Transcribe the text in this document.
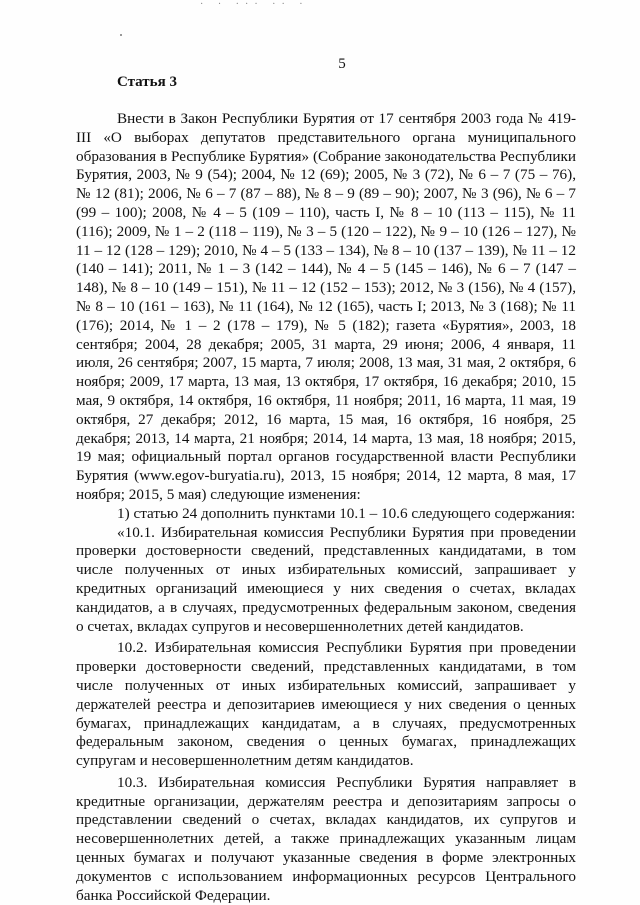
· · ··· ·· ·
5
Статья 3

Внести в Закон Республики Бурятия от 17 сентября 2003 года № 419-III «О выборах депутатов представительного органа муниципального образования в Республике Бурятия» (Собрание законодательства Республики Бурятия, 2003, № 9 (54); 2004, № 12 (69); 2005, № 3 (72), № 6 – 7 (75 – 76), № 12 (81); 2006, № 6 – 7 (87 – 88), № 8 – 9 (89 – 90); 2007, № 3 (96), № 6 – 7 (99 – 100); 2008, № 4 – 5 (109 – 110), часть I, № 8 – 10 (113 – 115), № 11 (116); 2009, № 1 – 2 (118 – 119), № 3 – 5 (120 – 122), № 9 – 10 (126 – 127), № 11 – 12 (128 – 129); 2010, № 4 – 5 (133 – 134), № 8 – 10 (137 – 139), № 11 – 12 (140 – 141); 2011, № 1 – 3 (142 – 144), № 4 – 5 (145 – 146), № 6 – 7 (147 – 148), № 8 – 10 (149 – 151), № 11 – 12 (152 – 153); 2012, № 3 (156), № 4 (157), № 8 – 10 (161 – 163), № 11 (164), № 12 (165), часть I; 2013, № 3 (168); № 11 (176); 2014, № 1 – 2 (178 – 179), № 5 (182); газета «Бурятия», 2003, 18 сентября; 2004, 28 декабря; 2005, 31 марта, 29 июня; 2006, 4 января, 11 июля, 26 сентября; 2007, 15 марта, 7 июля; 2008, 13 мая, 31 мая, 2 октября, 6 ноября; 2009, 17 марта, 13 мая, 13 октября, 17 октября, 16 декабря; 2010, 15 мая, 9 октября, 14 октября, 16 октября, 11 ноября; 2011, 16 марта, 11 мая, 19 октября, 27 декабря; 2012, 16 марта, 15 мая, 16 октября, 16 ноября, 25 декабря; 2013, 14 марта, 21 ноября; 2014, 14 марта, 13 мая, 18 ноября; 2015, 19 мая; официальный портал органов государственной власти Республики Бурятия (www.egov-buryatia.ru), 2013, 15 ноября; 2014, 12 марта, 8 мая, 17 ноября; 2015, 5 мая) следующие изменения:

1) статью 24 дополнить пунктами 10.1 – 10.6 следующего содержания:

«10.1. Избирательная комиссия Республики Бурятия при проведении проверки достоверности сведений, представленных кандидатами, в том числе полученных от иных избирательных комиссий, запрашивает у кредитных организаций имеющиеся у них сведения о счетах, вкладах кандидатов, а в случаях, предусмотренных федеральным законом, сведения о счетах, вкладах супругов и несовершеннолетних детей кандидатов.

10.2. Избирательная комиссия Республики Бурятия при проведении проверки достоверности сведений, представленных кандидатами, в том числе полученных от иных избирательных комиссий, запрашивает у держателей реестра и депозитариев имеющиеся у них сведения о ценных бумагах, принадлежащих кандидатам, а в случаях, предусмотренных федеральным законом, сведения о ценных бумагах, принадлежащих супругам и несовершеннолетним детям кандидатов.

10.3. Избирательная комиссия Республики Бурятия направляет в кредитные организации, держателям реестра и депозитариям запросы о представлении сведений о счетах, вкладах кандидатов, их супругов и несовершеннолетних детей, а также принадлежащих указанным лицам ценных бумагах и получают указанные сведения в форме электронных документов с использованием информационных ресурсов Центрального банка Российской Федерации.
